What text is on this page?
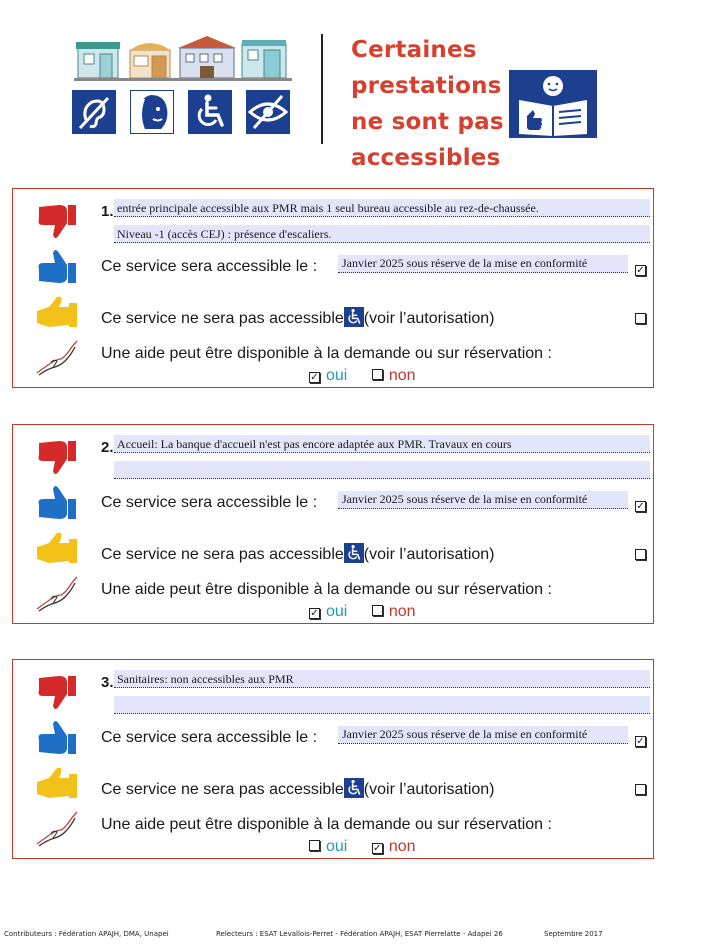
Certaines prestations
ne sont pas
accessibles
1. entrée principale accessible aux PMR mais 1 seul bureau accessible au rez-de-chaussée.
Niveau -1 (accès CEJ) : présence d'escaliers.
Ce service sera accessible le :	Janvier 2025 sous réserve de la mise en conformité
✓
Ce service ne sera pas accessible (voir l’autorisation)
Une aide peut être disponible à la demande ou sur réservation :
✓ oui	non
2. Accueil: La banque d'accueil n'est pas encore adaptée aux PMR. Travaux en cours
Ce service sera accessible le :	Janvier 2025 sous réserve de la mise en conformité
✓
Ce service ne sera pas accessible (voir l’autorisation)
Une aide peut être disponible à la demande ou sur réservation :
✓ oui	non
3. Sanitaires: non accessibles aux PMR
Ce service sera accessible le :	Janvier 2025 sous réserve de la mise en conformité
✓
Ce service ne sera pas accessible (voir l’autorisation)
Une aide peut être disponible à la demande ou sur réservation :
oui	✓ non
Contributeurs : Fédération APAJH, DMA, Unapei	Relecteurs : ESAT Levallois-Perret - Fédération APAJH, ESAT Pierrelatte - Adapei 26	Septembre 2017
